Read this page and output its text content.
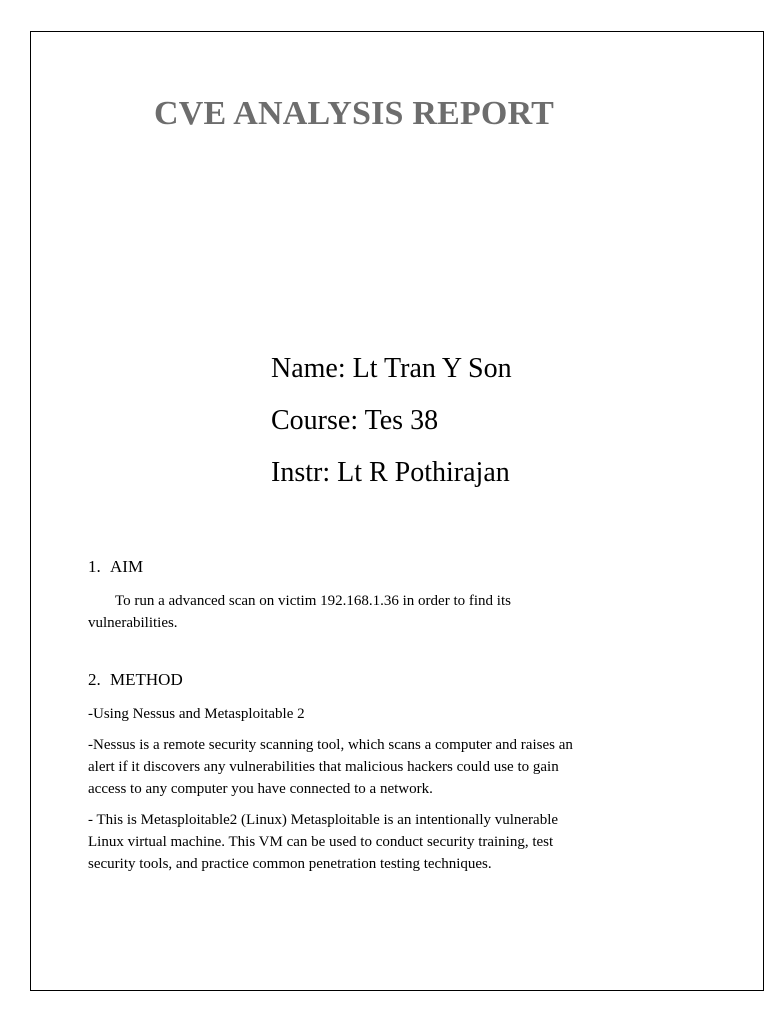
CVE ANALYSIS REPORT
Name: Lt Tran Y Son
Course: Tes 38
Instr: Lt R Pothirajan
1. AIM

To run a advanced scan on victim 192.168.1.36 in order to find its
vulnerabilities.

2. METHOD

-Using Nessus and Metasploitable 2

-Nessus is a remote security scanning tool, which scans a computer and raises an
alert if it discovers any vulnerabilities that malicious hackers could use to gain
access to any computer you have connected to a network.

- This is Metasploitable2 (Linux) Metasploitable is an intentionally vulnerable
Linux virtual machine. This VM can be used to conduct security training, test
security tools, and practice common penetration testing techniques.
